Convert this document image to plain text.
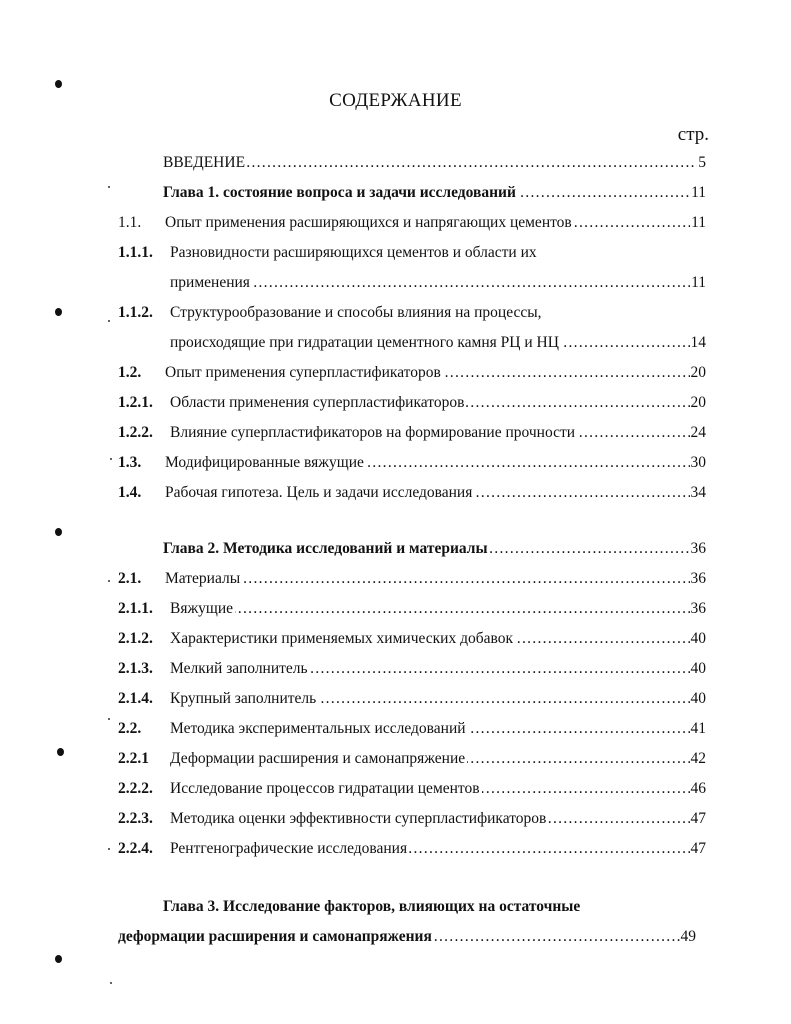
СОДЕРЖАНИЕ
стр.
ВВЕДЕНИЕ …………………………………………………………………………………………………………………………………………………………………………………………………………………	5
Глава 1. состояние вопроса и задачи исследований …………………………………………………………………………………………………………………………………………………………………………………………………………………	11
1.1.	Опыт применения расширяющихся и напрягающих цементов …………………………………………………………………………………………………………………………………………………………………………………………………………………	11
1.1.1.	Разновидности расширяющихся цементов и области их
применения …………………………………………………………………………………………………………………………………………………………………………………………………………………	11
1.1.2.	Структурообразование и способы влияния на процессы,
происходящие при гидратации цементного камня РЦ и НЦ …………………………………………………………………………………………………………………………………………………………………………………………………………………	14
1.2.	Опыт применения суперпластификаторов …………………………………………………………………………………………………………………………………………………………………………………………………………………	20
1.2.1.	Области применения суперпластификаторов …………………………………………………………………………………………………………………………………………………………………………………………………………………	20
1.2.2.	Влияние суперпластификаторов на формирование прочности …………………………………………………………………………………………………………………………………………………………………………………………………………………	24
1.3.	Модифицированные вяжущие …………………………………………………………………………………………………………………………………………………………………………………………………………………	30
1.4.	Рабочая гипотеза. Цель и задачи исследования …………………………………………………………………………………………………………………………………………………………………………………………………………………	34
Глава 2. Методика исследований и материалы …………………………………………………………………………………………………………………………………………………………………………………………………………………	36
2.1.	Материалы …………………………………………………………………………………………………………………………………………………………………………………………………………………	36
2.1.1.	Вяжущие …………………………………………………………………………………………………………………………………………………………………………………………………………………	36
2.1.2.	Характеристики применяемых химических добавок …………………………………………………………………………………………………………………………………………………………………………………………………………………	40
2.1.3.	Мелкий заполнитель …………………………………………………………………………………………………………………………………………………………………………………………………………………	40
2.1.4.	Крупный заполнитель …………………………………………………………………………………………………………………………………………………………………………………………………………………	40
2.2.	Методика экспериментальных исследований …………………………………………………………………………………………………………………………………………………………………………………………………………………	41
2.2.1	Деформации расширения и самонапряжение …………………………………………………………………………………………………………………………………………………………………………………………………………………	42
2.2.2.	Исследование процессов гидратации цементов …………………………………………………………………………………………………………………………………………………………………………………………………………………	46
2.2.3.	Методика оценки эффективности суперпластификаторов …………………………………………………………………………………………………………………………………………………………………………………………………………………	47
2.2.4.	Рентгенографические исследования …………………………………………………………………………………………………………………………………………………………………………………………………………………	47
Глава 3. Исследование факторов, влияющих на остаточные
деформации расширения и самонапряжения …………………………………………………………………………………………………………………………………………………………………………………………………………………	49
